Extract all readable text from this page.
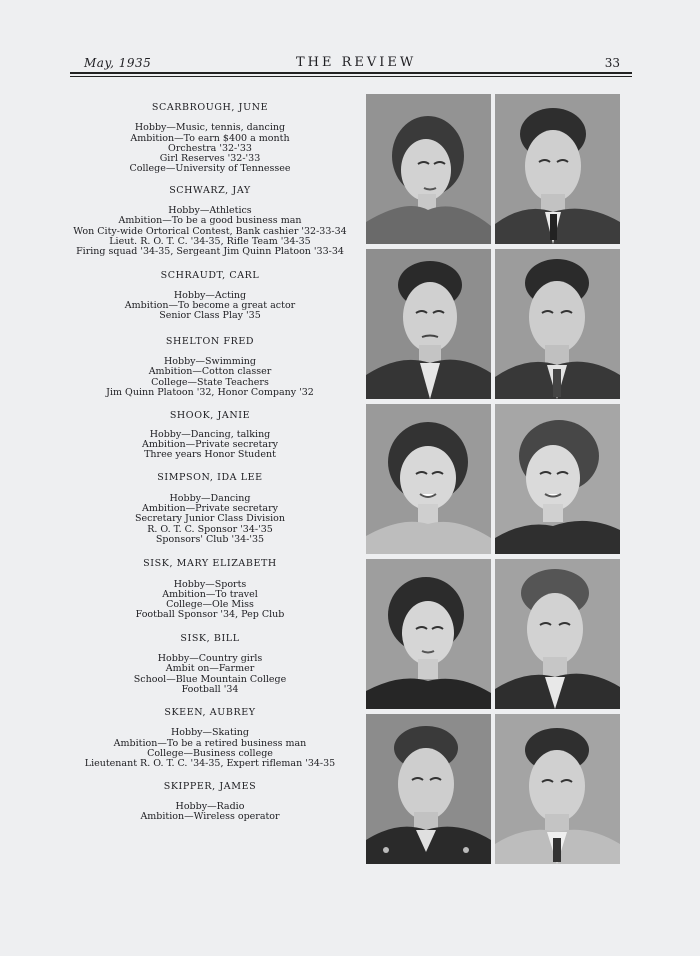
May, 1935	THE REVIEW	33
SCARBROUGH, JUNE
Hobby—Music, tennis, dancing
Ambition—To earn $400 a month
Orchestra '32-'33
Girl Reserves '32-'33
College—University of Tennessee
SCHWARZ, JAY
Hobby—Athletics
Ambition—To be a good business man
Won City-wide Ortorical Contest, Bank cashier '32-33-34
Lieut. R. O. T. C. '34-35, Rifle Team '34-35
Firing squad '34-35, Sergeant Jim Quinn Platoon '33-34
SCHRAUDT, CARL
Hobby—Acting
Ambition—To become a great actor
Senior Class Play '35
SHELTON FRED
Hobby—Swimming
Ambition—Cotton classer
College—State Teachers
Jim Quinn Platoon '32, Honor Company '32
SHOOK, JANIE
Hobby—Dancing, talking
Ambition—Private secretary
Three years Honor Student
SIMPSON, IDA LEE
Hobby—Dancing
Ambition—Private secretary
Secretary Junior Class Division
R. O. T. C. Sponsor '34-'35
Sponsors' Club '34-'35
SISK, MARY ELIZABETH
Hobby—Sports
Ambition—To travel
College—Ole Miss
Football Sponsor '34, Pep Club
SISK, BILL
Hobby—Country girls
Ambit on—Farmer
School—Blue Mountain College
Football '34
SKEEN, AUBREY
Hobby—Skating
Ambition—To be a retired business man
College—Business college
Lieutenant R. O. T. C. '34-35, Expert rifleman '34-35
SKIPPER, JAMES
Hobby—Radio
Ambition—Wireless operator
